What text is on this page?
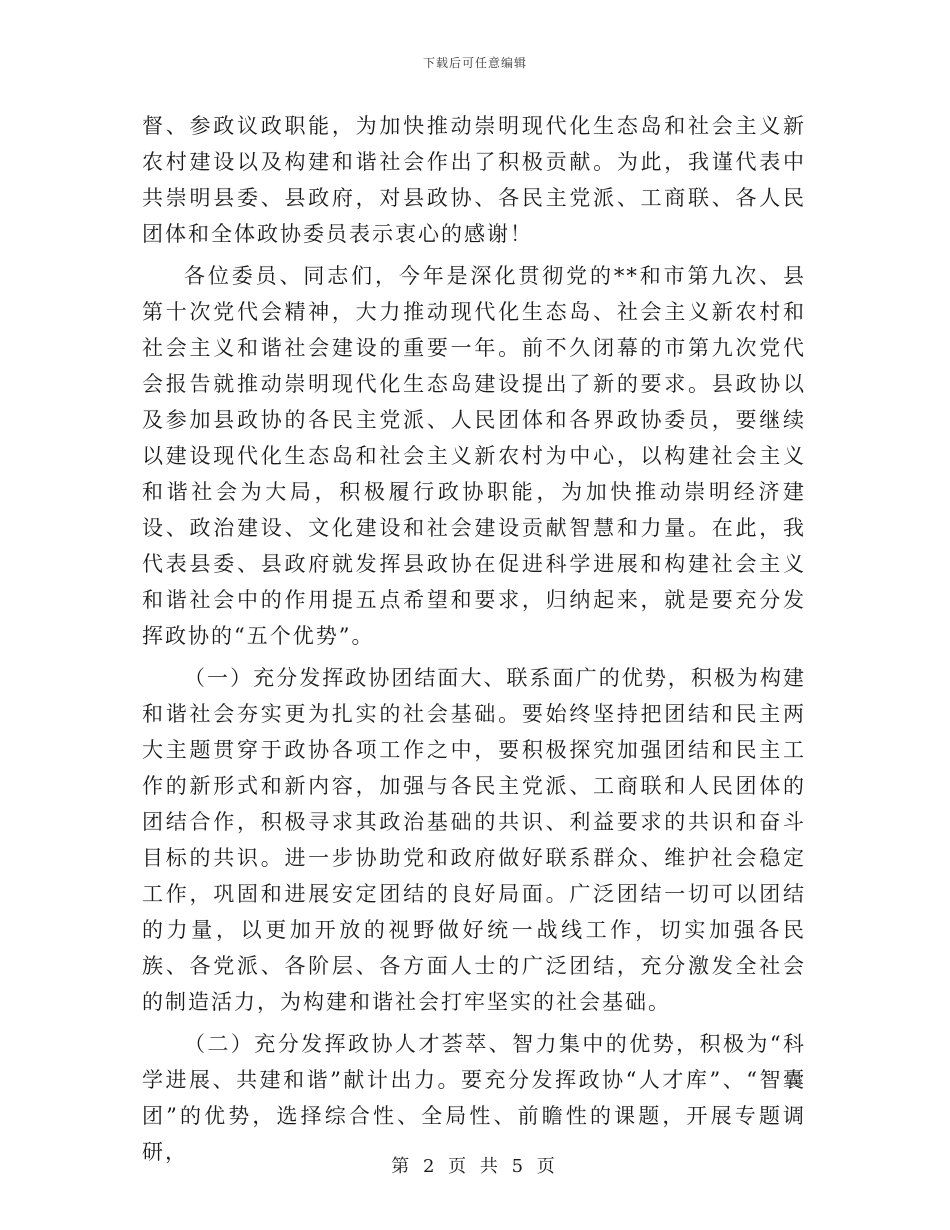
下载后可任意编辑

督、参政议政职能，为加快推动崇明现代化生态岛和社会主义新农村建设以及构建和谐社会作出了积极贡献。为此，我谨代表中共崇明县委、县政府，对县政协、各民主党派、工商联、各人民团体和全体政协委员表示衷心的感谢！

各位委员、同志们，今年是深化贯彻党的**和市第九次、县第十次党代会精神，大力推动现代化生态岛、社会主义新农村和社会主义和谐社会建设的重要一年。前不久闭幕的市第九次党代会报告就推动崇明现代化生态岛建设提出了新的要求。县政协以及参加县政协的各民主党派、人民团体和各界政协委员，要继续以建设现代化生态岛和社会主义新农村为中心，以构建社会主义和谐社会为大局，积极履行政协职能，为加快推动崇明经济建设、政治建设、文化建设和社会建设贡献智慧和力量。在此，我代表县委、县政府就发挥县政协在促进科学进展和构建社会主义和谐社会中的作用提五点希望和要求，归纳起来，就是要充分发挥政协的“五个优势”。

（一）充分发挥政协团结面大、联系面广的优势，积极为构建和谐社会夯实更为扎实的社会基础。要始终坚持把团结和民主两大主题贯穿于政协各项工作之中，要积极探究加强团结和民主工作的新形式和新内容，加强与各民主党派、工商联和人民团体的团结合作，积极寻求其政治基础的共识、利益要求的共识和奋斗目标的共识。进一步协助党和政府做好联系群众、维护社会稳定工作，巩固和进展安定团结的良好局面。广泛团结一切可以团结的力量，以更加开放的视野做好统一战线工作，切实加强各民族、各党派、各阶层、各方面人士的广泛团结，充分激发全社会的制造活力，为构建和谐社会打牢坚实的社会基础。

（二）充分发挥政协人才荟萃、智力集中的优势，积极为“科学进展、共建和谐”献计出力。要充分发挥政协“人才库”、“智囊团”的优势，选择综合性、全局性、前瞻性的课题，开展专题调研，

第 2 页 共 5 页
